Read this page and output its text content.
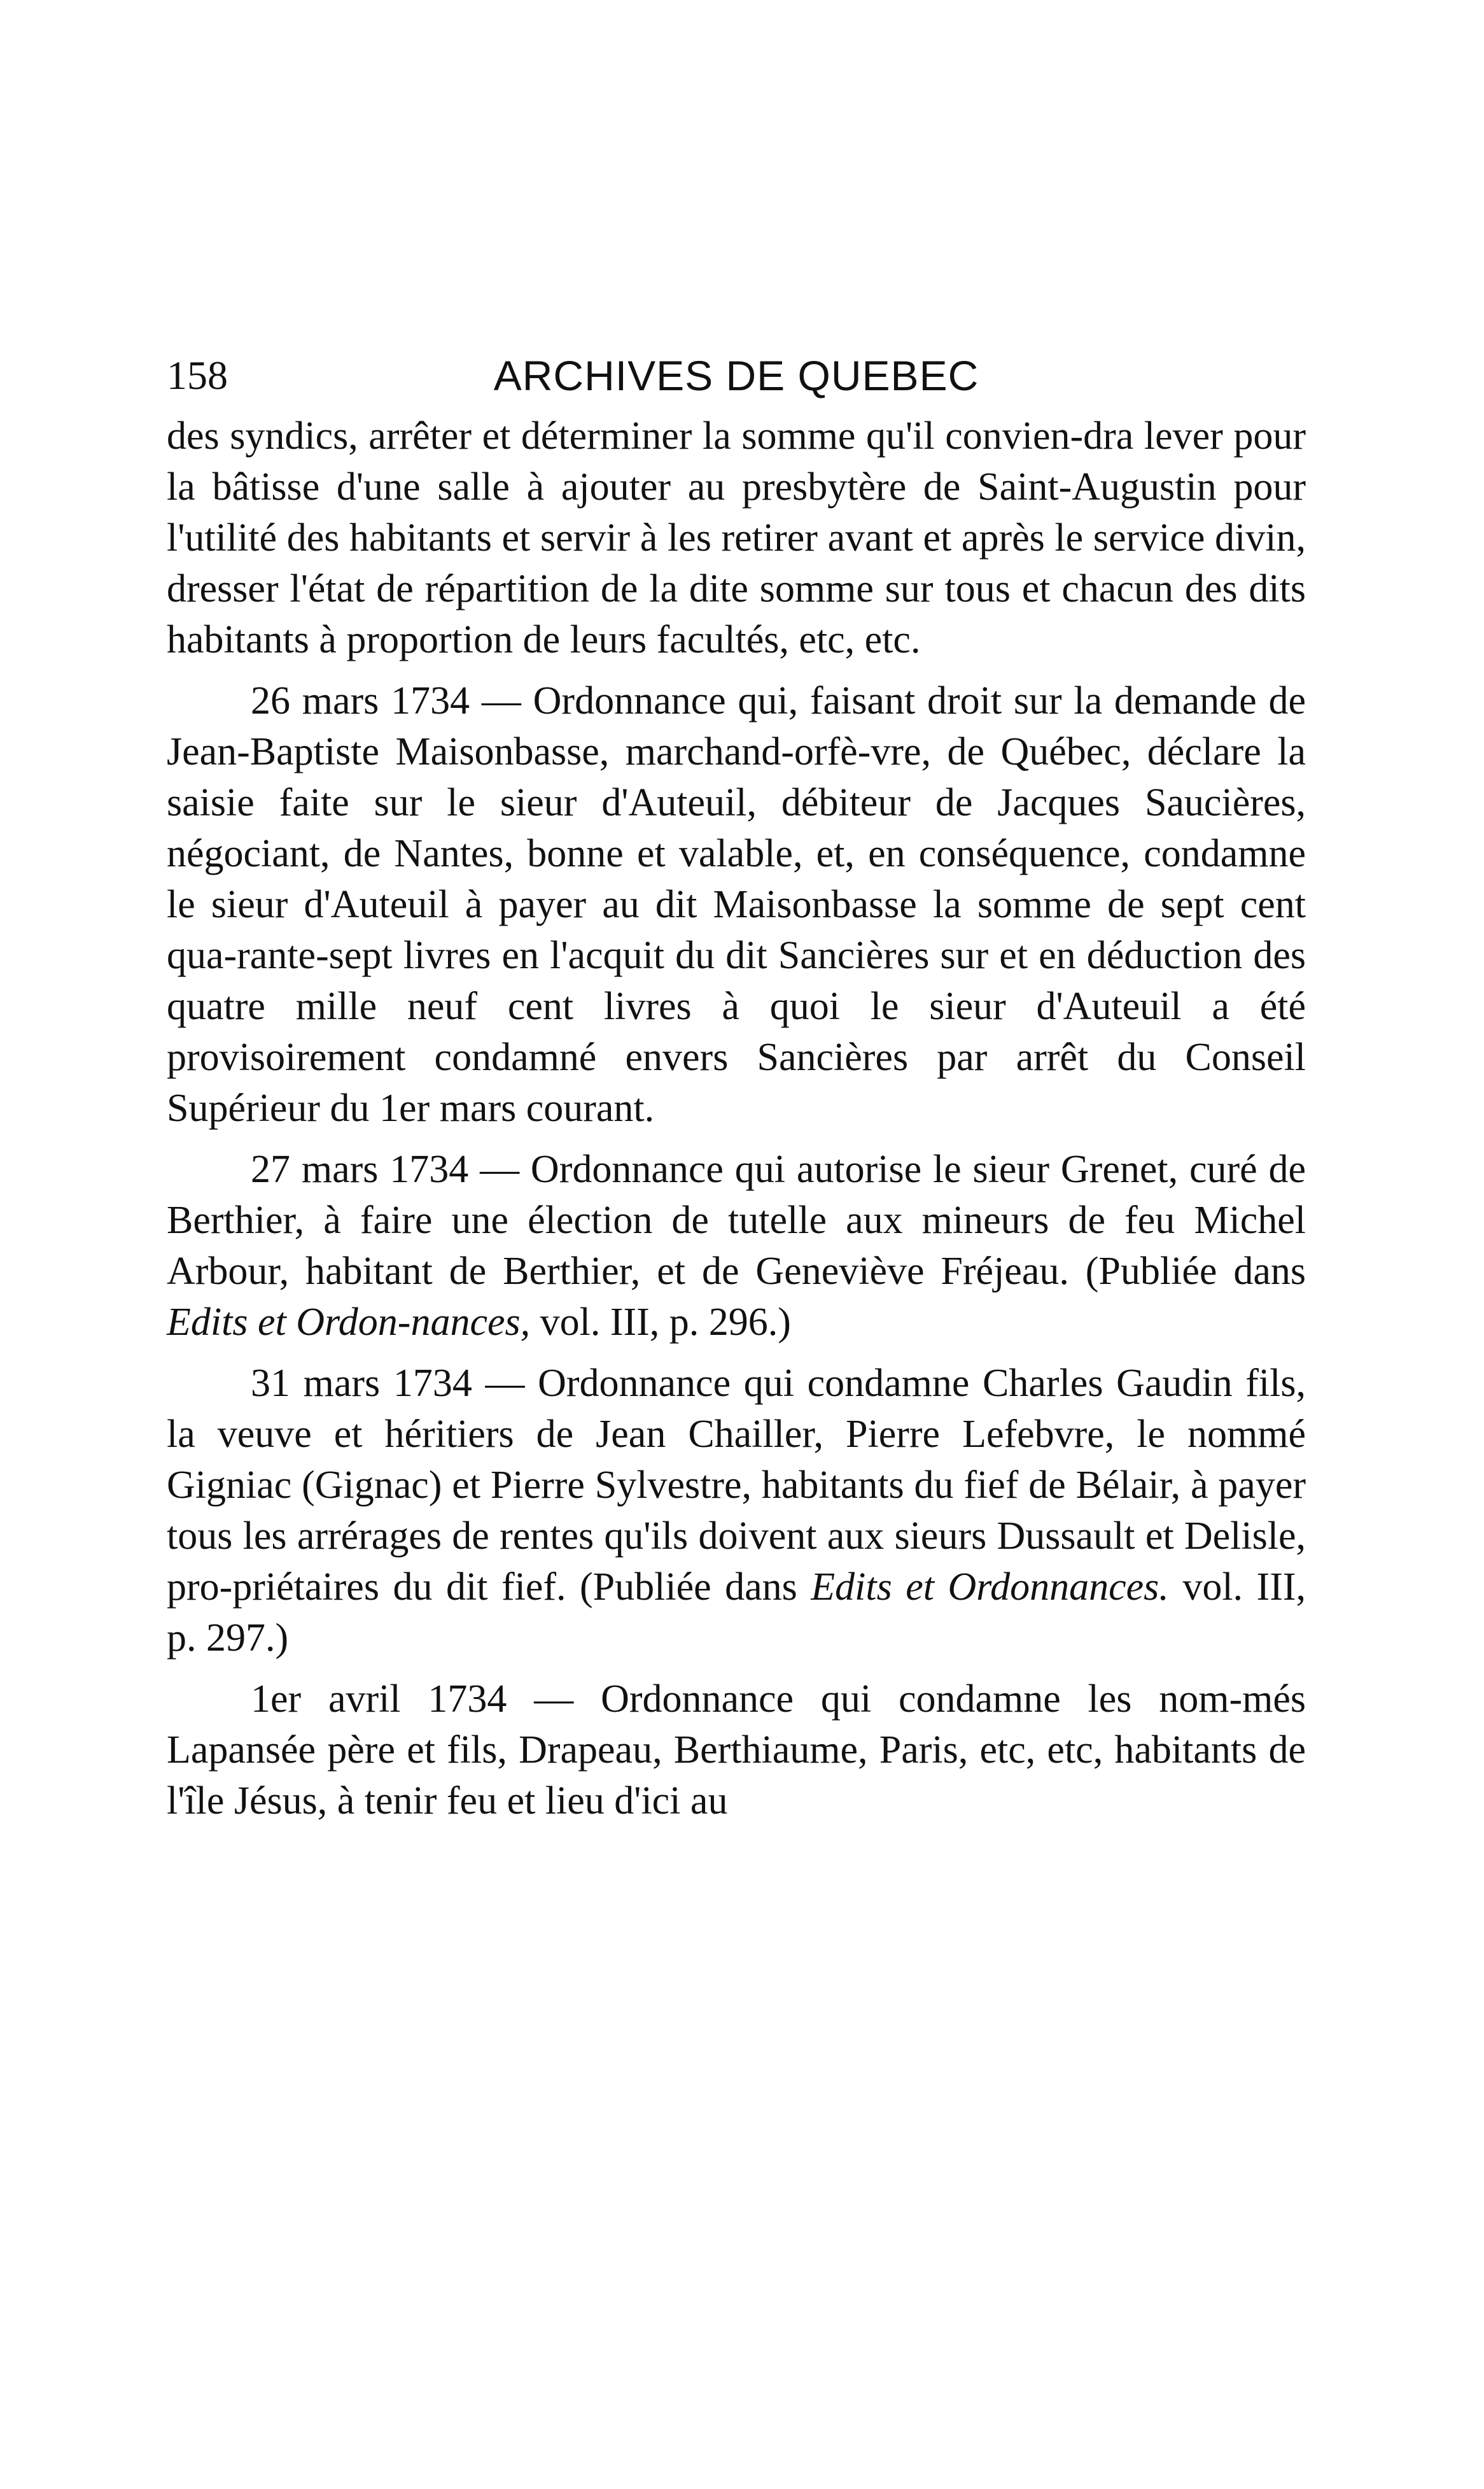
158	ARCHIVES DE QUEBEC

des syndics, arrêter et déterminer la somme qu'il convien-dra lever pour la bâtisse d'une salle à ajouter au presbytère de Saint-Augustin pour l'utilité des habitants et servir à les retirer avant et après le service divin, dresser l'état de répartition de la dite somme sur tous et chacun des dits habitants à proportion de leurs facultés, etc, etc.

26 mars 1734 — Ordonnance qui, faisant droit sur la demande de Jean-Baptiste Maisonbasse, marchand-orfè-vre, de Québec, déclare la saisie faite sur le sieur d'Auteuil, débiteur de Jacques Saucières, négociant, de Nantes, bonne et valable, et, en conséquence, condamne le sieur d'Auteuil à payer au dit Maisonbasse la somme de sept cent qua-rante-sept livres en l'acquit du dit Sancières sur et en déduction des quatre mille neuf cent livres à quoi le sieur d'Auteuil a été provisoirement condamné envers Sancières par arrêt du Conseil Supérieur du 1er mars courant.

27 mars 1734 — Ordonnance qui autorise le sieur Grenet, curé de Berthier, à faire une élection de tutelle aux mineurs de feu Michel Arbour, habitant de Berthier, et de Geneviève Fréjeau. (Publiée dans Edits et Ordon-nances, vol. III, p. 296.)

31 mars 1734 — Ordonnance qui condamne Charles Gaudin fils, la veuve et héritiers de Jean Chailler, Pierre Lefebvre, le nommé Gigniac (Gignac) et Pierre Sylvestre, habitants du fief de Bélair, à payer tous les arrérages de rentes qu'ils doivent aux sieurs Dussault et Delisle, pro-priétaires du dit fief. (Publiée dans Edits et Ordonnances. vol. III, p. 297.)

1er avril 1734 — Ordonnance qui condamne les nom-més Lapansée père et fils, Drapeau, Berthiaume, Paris, etc, etc, habitants de l'île Jésus, à tenir feu et lieu d'ici au
